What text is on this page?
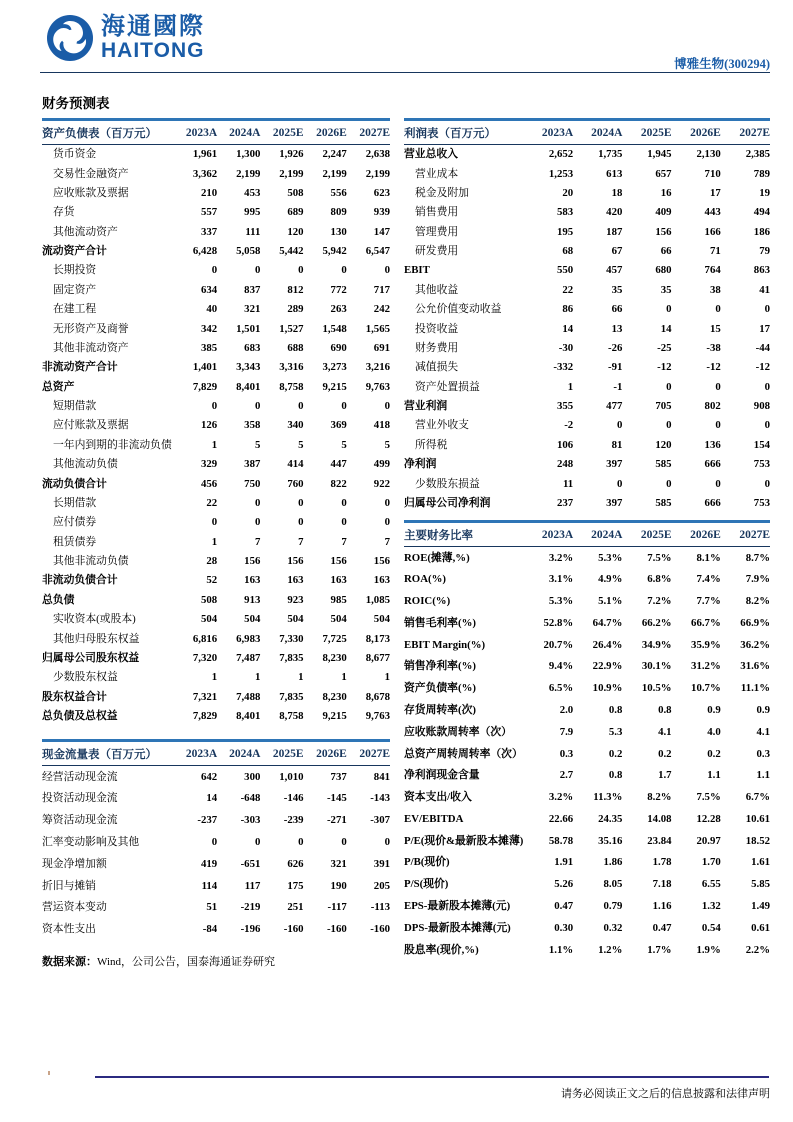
海通國際
HAITONG
博雅生物(300294)
财务预测表
资产负债表（百万元）	2023A	2024A	2025E	2026E	2027E
货币资金	1,961	1,300	1,926	2,247	2,638
交易性金融资产	3,362	2,199	2,199	2,199	2,199
应收账款及票据	210	453	508	556	623
存货	557	995	689	809	939
其他流动资产	337	111	120	130	147
流动资产合计	6,428	5,058	5,442	5,942	6,547
长期投资	0	0	0	0	0
固定资产	634	837	812	772	717
在建工程	40	321	289	263	242
无形资产及商誉	342	1,501	1,527	1,548	1,565
其他非流动资产	385	683	688	690	691
非流动资产合计	1,401	3,343	3,316	3,273	3,216
总资产	7,829	8,401	8,758	9,215	9,763
短期借款	0	0	0	0	0
应付账款及票据	126	358	340	369	418
一年内到期的非流动负债	1	5	5	5	5
其他流动负债	329	387	414	447	499
流动负债合计	456	750	760	822	922
长期借款	22	0	0	0	0
应付债券	0	0	0	0	0
租赁债券	1	7	7	7	7
其他非流动负债	28	156	156	156	156
非流动负债合计	52	163	163	163	163
总负债	508	913	923	985	1,085
实收资本(或股本)	504	504	504	504	504
其他归母股东权益	6,816	6,983	7,330	7,725	8,173
归属母公司股东权益	7,320	7,487	7,835	8,230	8,677
少数股东权益	1	1	1	1	1
股东权益合计	7,321	7,488	7,835	8,230	8,678
总负债及总权益	7,829	8,401	8,758	9,215	9,763
现金流量表（百万元）	2023A	2024A	2025E	2026E	2027E
经营活动现金流	642	300	1,010	737	841
投资活动现金流	14	-648	-146	-145	-143
筹资活动现金流	-237	-303	-239	-271	-307
汇率变动影响及其他	0	0	0	0	0
现金净增加额	419	-651	626	321	391
折旧与摊销	114	117	175	190	205
营运资本变动	51	-219	251	-117	-113
资本性支出	-84	-196	-160	-160	-160
数据来源：Wind，公司公告，国泰海通证券研究
利润表（百万元）	2023A	2024A	2025E	2026E	2027E
营业总收入	2,652	1,735	1,945	2,130	2,385
营业成本	1,253	613	657	710	789
税金及附加	20	18	16	17	19
销售费用	583	420	409	443	494
管理费用	195	187	156	166	186
研发费用	68	67	66	71	79
EBIT	550	457	680	764	863
其他收益	22	35	35	38	41
公允价值变动收益	86	66	0	0	0
投资收益	14	13	14	15	17
财务费用	-30	-26	-25	-38	-44
减值损失	-332	-91	-12	-12	-12
资产处置损益	1	-1	0	0	0
营业利润	355	477	705	802	908
营业外收支	-2	0	0	0	0
所得税	106	81	120	136	154
净利润	248	397	585	666	753
少数股东损益	11	0	0	0	0
归属母公司净利润	237	397	585	666	753
主要财务比率	2023A	2024A	2025E	2026E	2027E
ROE(摊薄,%)	3.2%	5.3%	7.5%	8.1%	8.7%
ROA(%)	3.1%	4.9%	6.8%	7.4%	7.9%
ROIC(%)	5.3%	5.1%	7.2%	7.7%	8.2%
销售毛利率(%)	52.8%	64.7%	66.2%	66.7%	66.9%
EBIT Margin(%)	20.7%	26.4%	34.9%	35.9%	36.2%
销售净利率(%)	9.4%	22.9%	30.1%	31.2%	31.6%
资产负债率(%)	6.5%	10.9%	10.5%	10.7%	11.1%
存货周转率(次)	2.0	0.8	0.8	0.9	0.9
应收账款周转率（次）	7.9	5.3	4.1	4.0	4.1
总资产周转周转率（次）	0.3	0.2	0.2	0.2	0.3
净利润现金含量	2.7	0.8	1.7	1.1	1.1
资本支出/收入	3.2%	11.3%	8.2%	7.5%	6.7%
EV/EBITDA	22.66	24.35	14.08	12.28	10.61
P/E(现价&最新股本摊薄)	58.78	35.16	23.84	20.97	18.52
P/B(现价)	1.91	1.86	1.78	1.70	1.61
P/S(现价)	5.26	8.05	7.18	6.55	5.85
EPS-最新股本摊薄(元)	0.47	0.79	1.16	1.32	1.49
DPS-最新股本摊薄(元)	0.30	0.32	0.47	0.54	0.61
股息率(现价,%)	1.1%	1.2%	1.7%	1.9%	2.2%
请务必阅读正文之后的信息披露和法律声明
